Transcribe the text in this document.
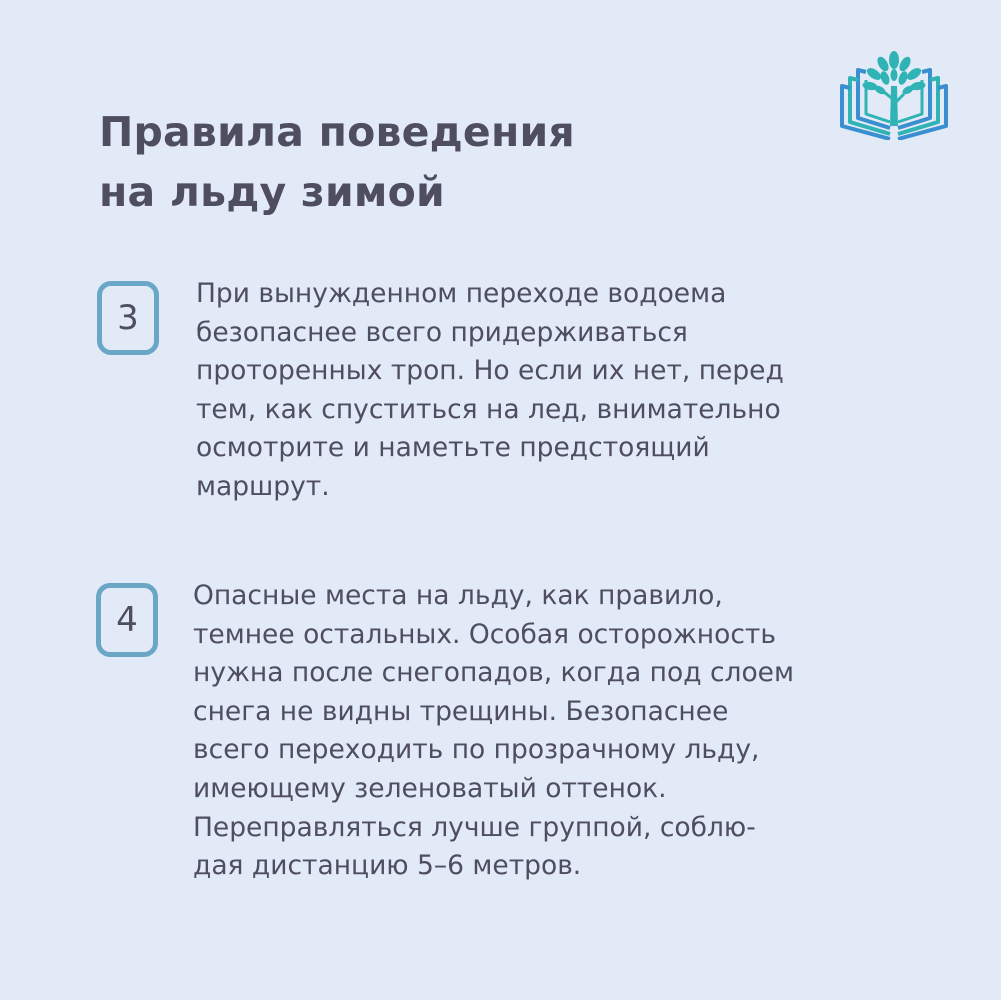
Правила поведения
на льду зимой
3

При вынужденном переходе водоема
безопаснее всего придерживаться
проторенных троп. Но если их нет, перед
тем, как спуститься на лед, внимательно
осмотрите и наметьте предстоящий
маршрут.

4

Опасные места на льду, как правило,
темнее остальных. Особая осторожность
нужна после снегопадов, когда под слоем
снега не видны трещины. Безопаснее
всего переходить по прозрачному льду,
имеющему зеленоватый оттенок.
Переправляться лучше группой, соблю-
дая дистанцию 5–6 метров.
